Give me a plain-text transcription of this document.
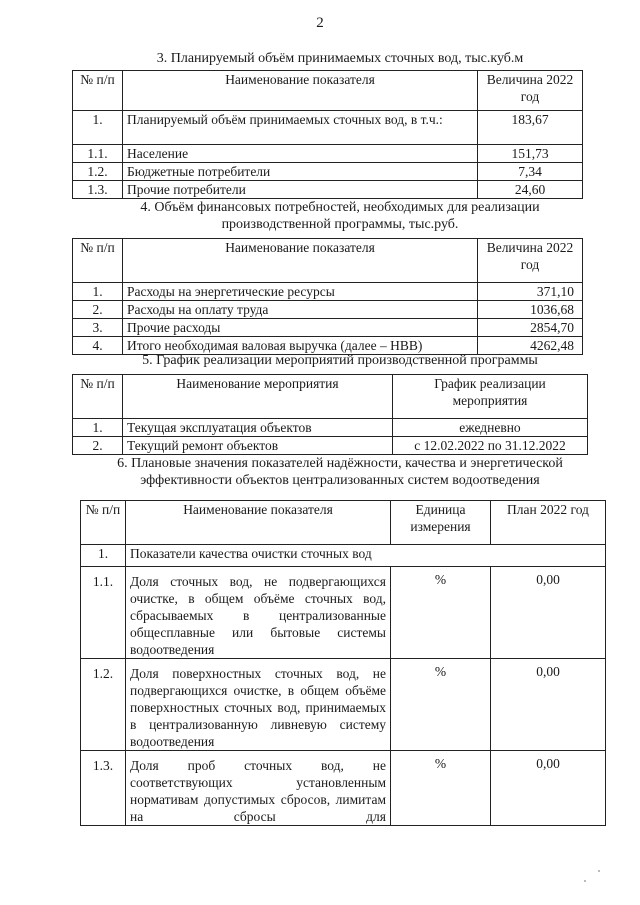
2
3. Планируемый объём принимаемых сточных вод, тыс.куб.м
№ п/п	Наименование показателя	Величина 2022 год
1.	Планируемый объём принимаемых сточных вод, в т.ч.:	183,67
1.1.	Население	151,73
1.2.	Бюджетные потребители	7,34
1.3.	Прочие потребители	24,60
4. Объём финансовых потребностей, необходимых для реализации
производственной программы, тыс.руб.
№ п/п	Наименование показателя	Величина 2022 год
1.	Расходы на энергетические ресурсы	371,10
2.	Расходы на оплату труда	1036,68
3.	Прочие расходы	2854,70
4.	Итого необходимая валовая выручка (далее – НВВ)	4262,48
5. График реализации мероприятий производственной программы
№ п/п	Наименование мероприятия	График реализации мероприятия
1.	Текущая эксплуатация объектов	ежедневно
2.	Текущий ремонт объектов	с 12.02.2022 по 31.12.2022
6. Плановые значения показателей надёжности, качества и энергетической
эффективности объектов централизованных систем водоотведения
№ п/п	Наименование показателя	Единица измерения	План 2022 год
1.	Показатели качества очистки сточных вод		
1.1.	Доля сточных вод, не подвергающихся очистке, в общем объёме сточных вод, сбрасываемых в централизованные общесплавные или бытовые системы водоотведения	%	0,00
1.2.	Доля поверхностных сточных вод, не подвергающихся очистке, в общем объёме поверхностных сточных вод, принимаемых в централизованную ливневую систему водоотведения	%	0,00
1.3.	Доля проб сточных вод, не соответствующих установленным нормативам допустимых сбросов, лимитам на сбросы для	%	0,00
